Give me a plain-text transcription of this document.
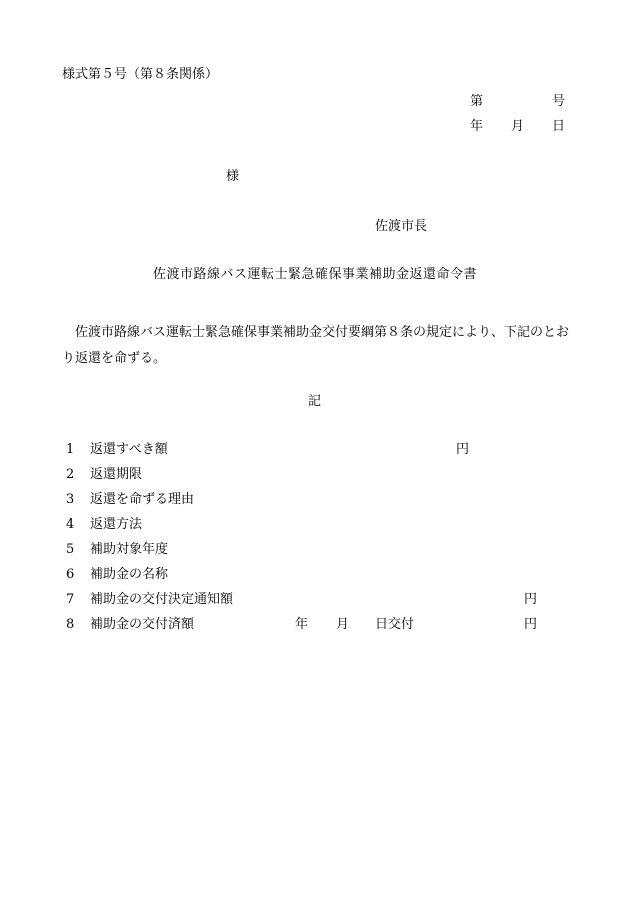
様式第５号（第８条関係）
第	号
年 月 日
様
佐渡市長
佐渡市路線バス運転士緊急確保事業補助金返還命令書
佐渡市路線バス運転士緊急確保事業補助金交付要綱第８条の規定により、下記のとおり返還を命ずる。
記
1 返還すべき額	円
2 返還期限
3 返還を命ずる理由
4 返還方法
5 補助対象年度
6 補助金の名称
7 補助金の交付決定通知額	円
8 補助金の交付済額	年 月 日交付	円
